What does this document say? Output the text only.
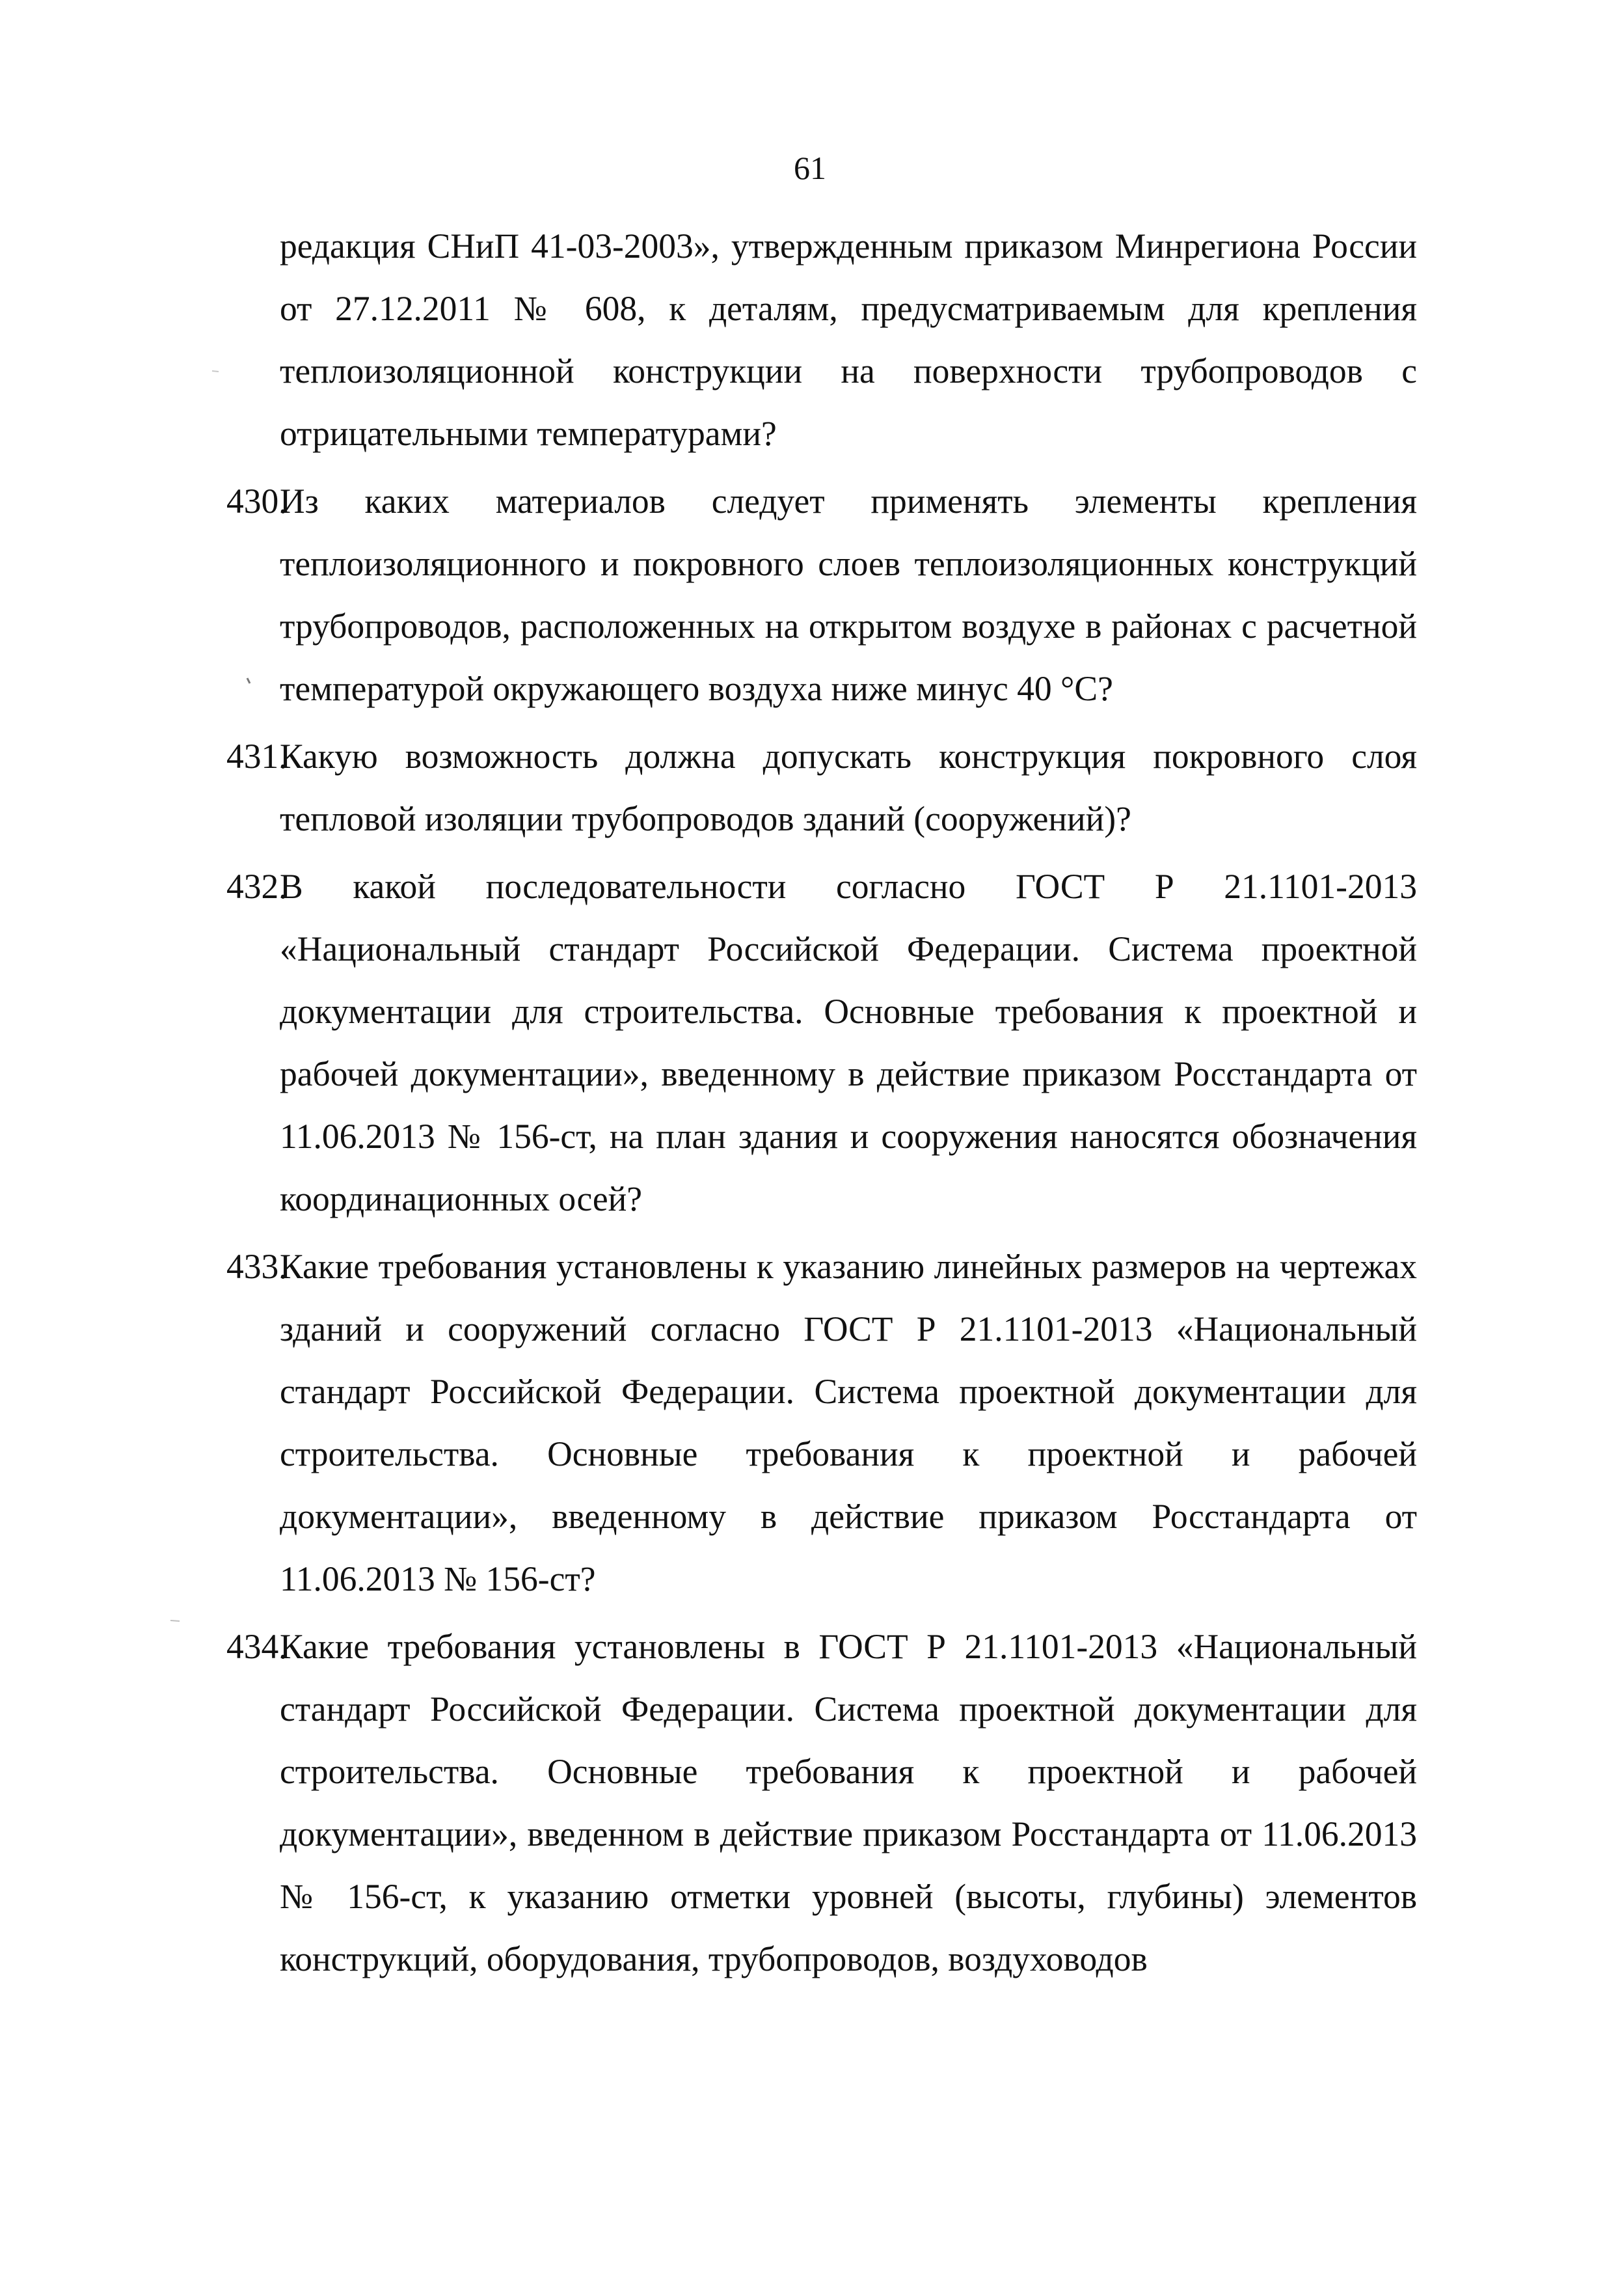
61

редакция СНиП 41-03-2003», утвержденным приказом Минрегиона России от 27.12.2011 № 608, к деталям, предусматриваемым для крепления теплоизоляционной конструкции на поверхности трубопроводов с отрицательными температурами?

430.
Из каких материалов следует применять элементы крепления теплоизоляционного и покровного слоев теплоизоляционных конструкций трубопроводов, расположенных на открытом воздухе в районах с расчетной температурой окружающего воздуха ниже минус 40 °С?
431.
Какую возможность должна допускать конструкция покровного слоя тепловой изоляции трубопроводов зданий (сооружений)?
432.
В какой последовательности согласно ГОСТ Р 21.1101-2013 «Национальный стандарт Российской Федерации. Система проектной документации для строительства. Основные требования к проектной и рабочей документации», введенному в действие приказом Росстандарта от 11.06.2013 № 156-ст, на план здания и сооружения наносятся обозначения координационных осей?
433.
Какие требования установлены к указанию линейных размеров на чертежах зданий и сооружений согласно ГОСТ Р 21.1101-2013 «Национальный стандарт Российской Федерации. Система проектной документации для строительства. Основные требования к проектной и рабочей документации», введенному в действие приказом Росстандарта от 11.06.2013 № 156-ст?
434.
Какие требования установлены в ГОСТ Р 21.1101-2013 «Национальный стандарт Российской Федерации. Система проектной документации для строительства. Основные требования к проектной и рабочей документации», введенном в действие приказом Росстандарта от 11.06.2013 № 156-ст, к указанию отметки уровней (высоты, глубины) элементов конструкций, оборудования, трубопроводов, воздуховодов
